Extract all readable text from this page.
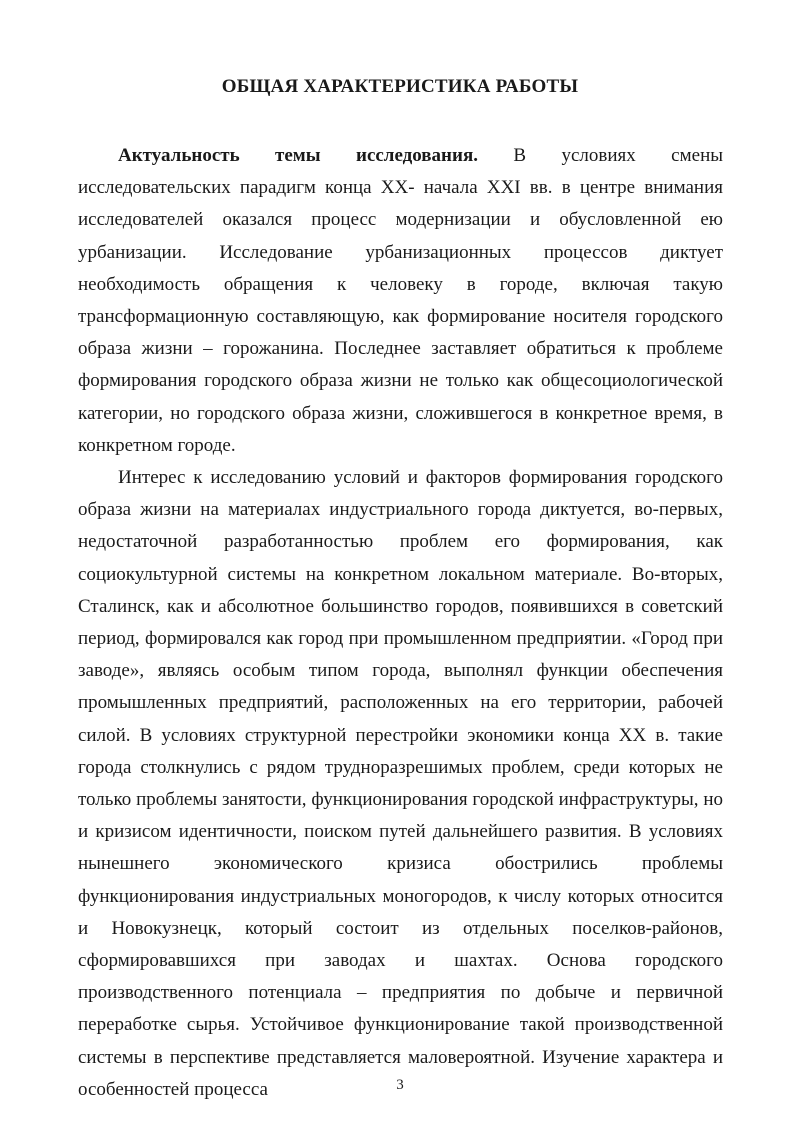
ОБЩАЯ ХАРАКТЕРИСТИКА РАБОТЫ

Актуальность темы исследования. В условиях смены исследовательских парадигм конца ХХ- начала ХХI вв. в центре внимания исследователей оказался процесс модернизации и обусловленной ею урбанизации. Исследование урбанизационных процессов диктует необходимость обращения к человеку в городе, включая такую трансформационную составляющую, как формирование носителя городского образа жизни – горожанина. Последнее заставляет обратиться к проблеме формирования городского образа жизни не только как общесоциологической категории, но городского образа жизни, сложившегося в конкретное время, в конкретном городе.

Интерес к исследованию условий и факторов формирования городского образа жизни на материалах индустриального города диктуется, во-первых, недостаточной разработанностью проблем его формирования, как социокультурной системы на конкретном локальном материале. Во-вторых, Сталинск, как и абсолютное большинство городов, появившихся в советский период, формировался как город при промышленном предприятии. «Город при заводе», являясь особым типом города, выполнял функции обеспечения промышленных предприятий, расположенных на его территории, рабочей силой. В условиях структурной перестройки экономики конца ХХ в. такие города столкнулись с рядом трудноразрешимых проблем, среди которых не только проблемы занятости, функционирования городской инфраструктуры, но и кризисом идентичности, поиском путей дальнейшего развития. В условиях нынешнего экономического кризиса обострились проблемы функционирования индустриальных моногородов, к числу которых относится и Новокузнецк, который состоит из отдельных поселков-районов, сформировавшихся при заводах и шахтах. Основа городского производственного потенциала – предприятия по добыче и первичной переработке сырья. Устойчивое функционирование такой производственной системы в перспективе представляется маловероятной. Изучение характера и особенностей процесса	3
